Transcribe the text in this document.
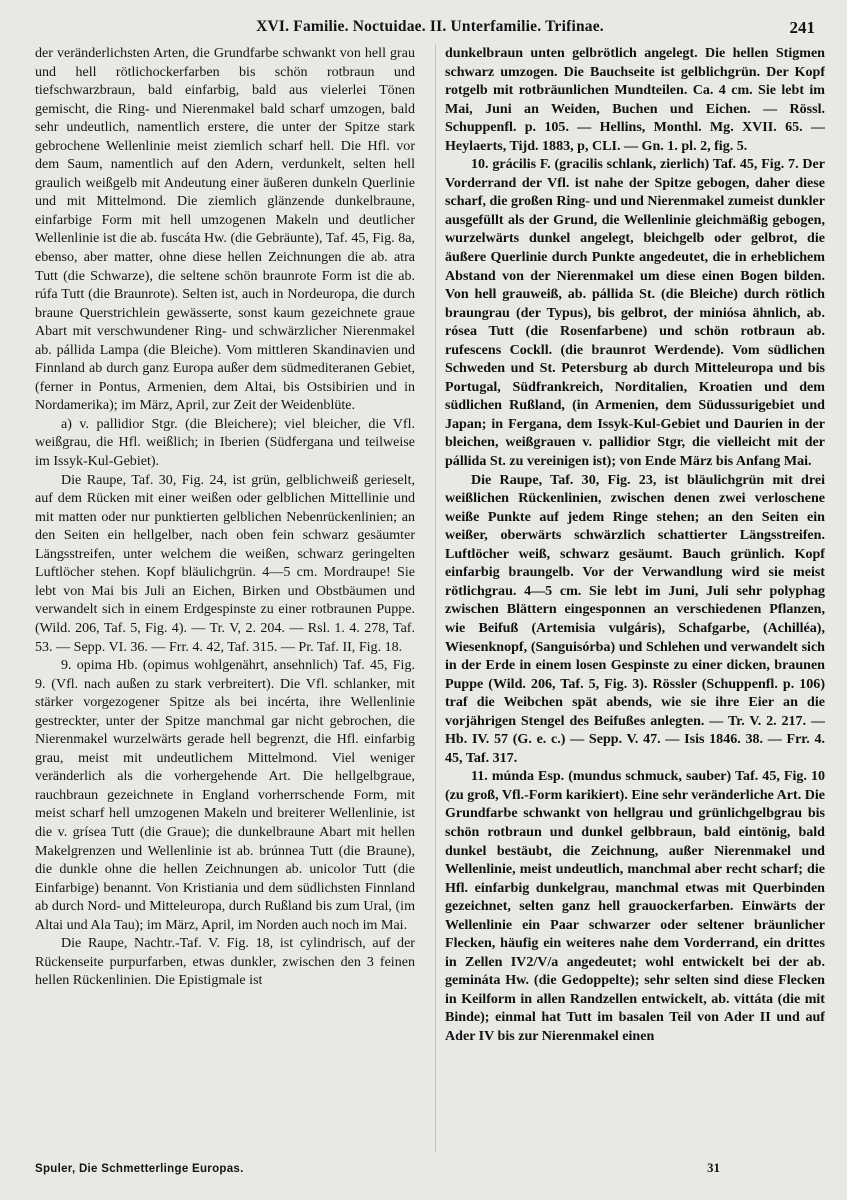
XVI. Familie. Noctuidae. II. Unterfamilie. Trifinae.	241

der veränderlichsten Arten, die Grundfarbe schwankt von hell grau und hell rötlichockerfarben bis schön rotbraun und tiefschwarzbraun, bald einfarbig, bald aus vielerlei Tönen gemischt, die Ring- und Nierenmakel bald scharf umzogen, bald sehr undeutlich, namentlich erstere, die unter der Spitze stark gebrochene Wellenlinie meist ziemlich scharf hell. Die Hfl. vor dem Saum, namentlich auf den Adern, verdunkelt, selten hell graulich weißgelb mit Andeutung einer äußeren dunkeln Querlinie und mit Mittelmond. Die ziemlich glänzende dunkelbraune, einfarbige Form mit hell umzogenen Makeln und deutlicher Wellenlinie ist die ab. fuscáta Hw. (die Gebräunte), Taf. 45, Fig. 8a, ebenso, aber matter, ohne diese hellen Zeichnungen die ab. atra Tutt (die Schwarze), die seltene schön braunrote Form ist die ab. rúfa Tutt (die Braunrote). Selten ist, auch in Nordeuropa, die durch braune Querstrichlein gewässerte, sonst kaum gezeichnete graue Abart mit verschwundener Ring- und schwärzlicher Nierenmakel ab. pállida Lampa (die Bleiche). Vom mittleren Skandinavien und Finnland ab durch ganz Europa außer dem südmediteranen Gebiet, (ferner in Pontus, Armenien, dem Altai, bis Ostsibirien und in Nordamerika); im März, April, zur Zeit der Weidenblüte.

a) v. pallidior Stgr. (die Bleichere); viel bleicher, die Vfl. weißgrau, die Hfl. weißlich; in Iberien (Südfergana und teilweise im Issyk-Kul-Gebiet).

Die Raupe, Taf. 30, Fig. 24, ist grün, gelblichweiß gerieselt, auf dem Rücken mit einer weißen oder gelblichen Mittellinie und mit matten oder nur punktierten gelblichen Nebenrückenlinien; an den Seiten ein hellgelber, nach oben fein schwarz gesäumter Längsstreifen, unter welchem die weißen, schwarz geringelten Luftlöcher stehen. Kopf bläulichgrün. 4—5 cm. Mordraupe! Sie lebt von Mai bis Juli an Eichen, Birken und Obstbäumen und verwandelt sich in einem Erdgespinste zu einer rotbraunen Puppe. (Wild. 206, Taf. 5, Fig. 4). — Tr. V, 2. 204. — Rsl. 1. 4. 278, Taf. 53. — Sepp. VI. 36. — Frr. 4. 42, Taf. 315. — Pr. Taf. II, Fig. 18.

9. opima Hb. (opimus wohlgenährt, ansehnlich) Taf. 45, Fig. 9. (Vfl. nach außen zu stark verbreitert). Die Vfl. schlanker, mit stärker vorgezogener Spitze als bei incérta, ihre Wellenlinie gestreckter, unter der Spitze manchmal gar nicht gebrochen, die Nierenmakel wurzelwärts gerade hell begrenzt, die Hfl. einfarbig grau, meist mit undeutlichem Mittelmond. Viel weniger veränderlich als die vorhergehende Art. Die hellgelbgraue, rauchbraun gezeichnete in England vorherrschende Form, mit meist scharf hell umzogenen Makeln und breiterer Wellenlinie, ist die v. grísea Tutt (die Graue); die dunkelbraune Abart mit hellen Makelgrenzen und Wellenlinie ist ab. brúnnea Tutt (die Braune), die dunkle ohne die hellen Zeichnungen ab. unicolor Tutt (die Einfarbige) benannt. Von Kristiania und dem südlichsten Finnland ab durch Nord- und Mitteleuropa, durch Rußland bis zum Ural, (im Altai und Ala Tau); im März, April, im Norden auch noch im Mai.

Die Raupe, Nachtr.-Taf. V. Fig. 18, ist cylindrisch, auf der Rückenseite purpurfarben, etwas dunkler, zwischen den 3 feinen hellen Rückenlinien. Die Epistigmale ist

dunkelbraun unten gelbrötlich angelegt. Die hellen Stigmen schwarz umzogen. Die Bauchseite ist gelblichgrün. Der Kopf rotgelb mit rotbräunlichen Mundteilen. Ca. 4 cm. Sie lebt im Mai, Juni an Weiden, Buchen und Eichen. — Rössl. Schuppenfl. p. 105. — Hellins, Monthl. Mg. XVII. 65. — Heylaerts, Tijd. 1883, p, CLI. — Gn. 1. pl. 2, fig. 5.

10. grácilis F. (gracilis schlank, zierlich) Taf. 45, Fig. 7. Der Vorderrand der Vfl. ist nahe der Spitze gebogen, daher diese scharf, die großen Ring- und und Nierenmakel zumeist dunkler ausgefüllt als der Grund, die Wellenlinie gleichmäßig gebogen, wurzelwärts dunkel angelegt, bleichgelb oder gelbrot, die äußere Querlinie durch Punkte angedeutet, die in erheblichem Abstand von der Nierenmakel um diese einen Bogen bilden. Von hell grauweiß, ab. pállida St. (die Bleiche) durch rötlich braungrau (der Typus), bis gelbrot, der miniósa ähnlich, ab. rósea Tutt (die Rosenfarbene) und schön rotbraun ab. rufescens Cockll. (die braunrot Werdende). Vom südlichen Schweden und St. Petersburg ab durch Mitteleuropa und bis Portugal, Südfrankreich, Norditalien, Kroatien und dem südlichen Rußland, (in Armenien, dem Südussurigebiet und Japan; in Fergana, dem Issyk-Kul-Gebiet und Daurien in der bleichen, weißgrauen v. pallidior Stgr, die vielleicht mit der pállida St. zu vereinigen ist); von Ende März bis Anfang Mai.

Die Raupe, Taf. 30, Fig. 23, ist bläulichgrün mit drei weißlichen Rückenlinien, zwischen denen zwei verloschene weiße Punkte auf jedem Ringe stehen; an den Seiten ein weißer, oberwärts schwärzlich schattierter Längsstreifen. Luftlöcher weiß, schwarz gesäumt. Bauch grünlich. Kopf einfarbig braungelb. Vor der Verwandlung wird sie meist rötlichgrau. 4—5 cm. Sie lebt im Juni, Juli sehr polyphag zwischen Blättern eingesponnen an verschiedenen Pflanzen, wie Beifuß (Artemisia vulgáris), Schafgarbe, (Achilléa), Wiesenknopf, (Sanguisórba) und Schlehen und verwandelt sich in der Erde in einem losen Gespinste zu einer dicken, braunen Puppe (Wild. 206, Taf. 5, Fig. 3). Rössler (Schuppenfl. p. 106) traf die Weibchen spät abends, wie sie ihre Eier an die vorjährigen Stengel des Beifußes anlegten. — Tr. V. 2. 217. — Hb. IV. 57 (G. e. c.) — Sepp. V. 47. — Isis 1846. 38. — Frr. 4. 45, Taf. 317.

11. múnda Esp. (mundus schmuck, sauber) Taf. 45, Fig. 10 (zu groß, Vfl.-Form karikiert). Eine sehr veränderliche Art. Die Grundfarbe schwankt von hellgrau und grünlichgelbgrau bis schön rotbraun und dunkel gelbbraun, bald eintönig, bald dunkel bestäubt, die Zeichnung, außer Nierenmakel und Wellenlinie, meist undeutlich, manchmal aber recht scharf; die Hfl. einfarbig dunkelgrau, manchmal etwas mit Querbinden gezeichnet, selten ganz hell grauockerfarben. Einwärts der Wellenlinie ein Paar schwarzer oder seltener bräunlicher Flecken, häufig ein weiteres nahe dem Vorderrand, ein drittes in Zellen IV2/V/a angedeutet; wohl entwickelt bei der ab. gemináta Hw. (die Gedoppelte); sehr selten sind diese Flecken in Keilform in allen Randzellen entwickelt, ab. vittáta (die mit Binde); einmal hat Tutt im basalen Teil von Ader II und auf Ader IV bis zur Nierenmakel einen

Spuler, Die Schmetterlinge Europas.	31
